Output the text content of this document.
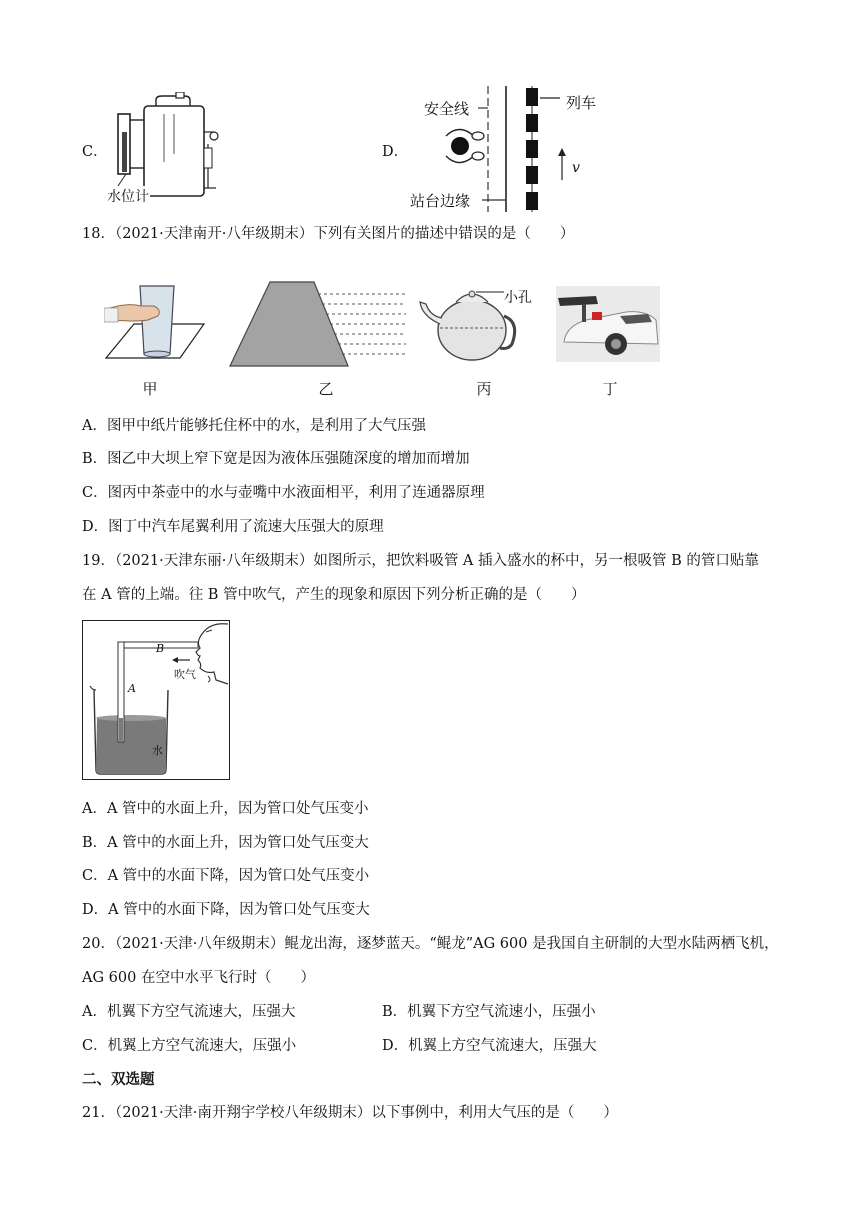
C．
水位计
D．
安全线	列车
站台边缘
v
18．（2021·天津南开·八年级期末）下列有关图片的描述中错误的是（　　）
小孔
甲	乙	丙	丁
A．图甲中纸片能够托住杯中的水，是利用了大气压强
B．图乙中大坝上窄下宽是因为液体压强随深度的增加而增加
C．图丙中茶壶中的水与壶嘴中水液面相平，利用了连通器原理
D．图丁中汽车尾翼利用了流速大压强大的原理
19．（2021·天津东丽·八年级期末）如图所示，把饮料吸管 A 插入盛水的杯中，另一根吸管 B 的管口贴靠
在 A 管的上端。往 B 管中吹气，产生的现象和原因下列分析正确的是（　　）
B
A
吹气
水
A．A 管中的水面上升，因为管口处气压变小
B．A 管中的水面上升，因为管口处气压变大
C．A 管中的水面下降，因为管口处气压变小
D．A 管中的水面下降，因为管口处气压变大
20．（2021·天津·八年级期末）鲲龙出海，逐梦蓝天。“鲲龙”AG 600 是我国自主研制的大型水陆两栖飞机，
AG 600 在空中水平飞行时（　　）
A．机翼下方空气流速大，压强大	B．机翼下方空气流速小，压强小
C．机翼上方空气流速大，压强小	D．机翼上方空气流速大，压强大
二、双选题
21．（2021·天津·南开翔宇学校八年级期末）以下事例中，利用大气压的是（　　）
